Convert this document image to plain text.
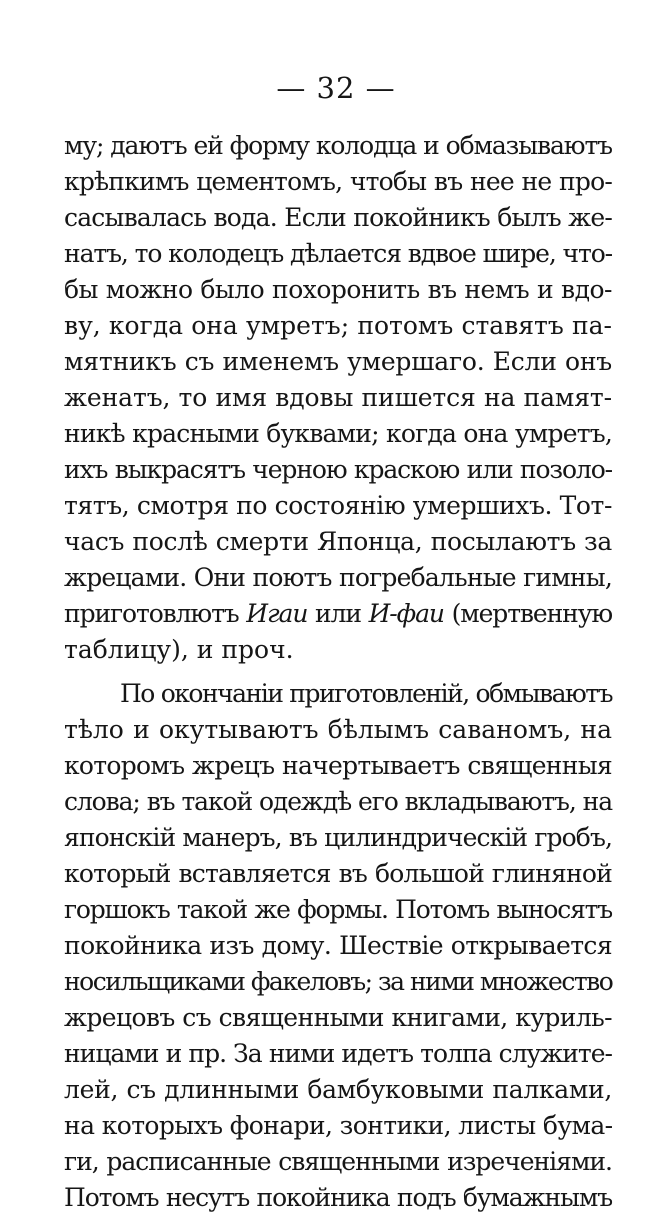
— 32 —
му; даютъ ей форму колодца и обмазываютъ
крѣпкимъ цементомъ, чтобы въ нее не про-
сасывалась вода. Если покойникъ былъ же-
натъ, то колодецъ дѣлается вдвое шире, что-
бы можно было похоронить въ немъ и вдо-
ву, когда она умретъ; потомъ ставятъ па-
мятникъ съ именемъ умершаго. Если онъ
женатъ, то имя вдовы пишется на памят-
никѣ красными буквами; когда она умретъ,
ихъ выкрасятъ черною краскою или позоло-
тятъ, смотря по состоянію умершихъ. Тот-
часъ послѣ смерти Японца, посылаютъ за
жрецами. Они поютъ погребальные гимны,
приготовлютъ Игаи или И-фаи (мертвенную
таблицу), и проч.
По окончаніи приготовленій, обмываютъ
тѣло и окутываютъ бѣлымъ саваномъ, на
которомъ жрецъ начертываетъ священныя
слова; въ такой одеждѣ его вкладываютъ, на
японскій манеръ, въ цилиндрическій гробъ,
который вставляется въ большой глиняной
горшокъ такой же формы. Потомъ выносятъ
покойника изъ дому. Шествіе открывается
носильщиками факеловъ; за ними множество
жрецовъ съ священными книгами, куриль-
ницами и пр. За ними идетъ толпа служите-
лей, съ длинными бамбуковыми палками,
на которыхъ фонари, зонтики, листы бума-
ги, расписанные священными изреченіями.
Потомъ несутъ покойника подъ бумажнымъ
